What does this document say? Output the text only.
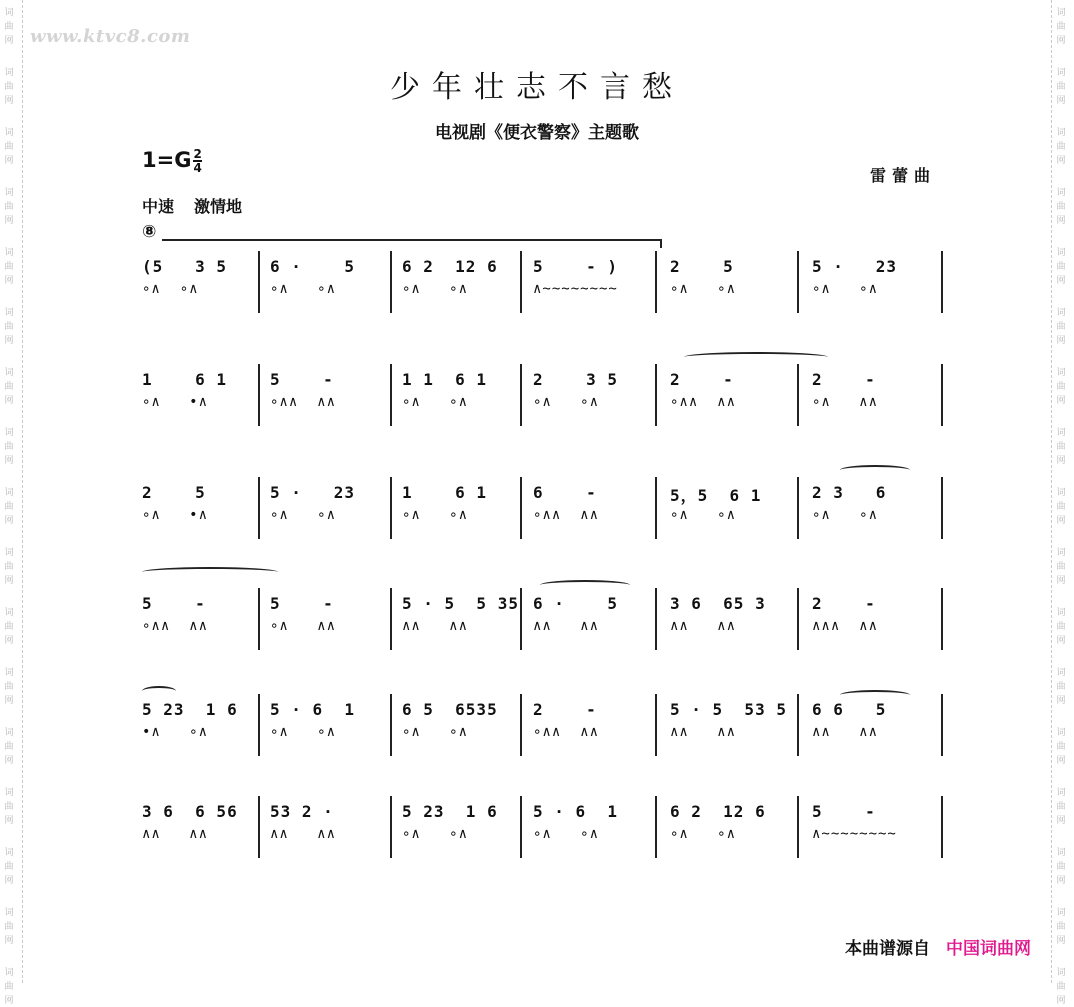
词
曲
网
词
曲
网
词
曲
网
词
曲
网
词
曲
网
词
曲
网
词
曲
网
词
曲
网
词
曲
网
词
曲
网
词
曲
网
词
曲
网
词
曲
网
词
曲
网
词
曲
网
词
曲
网
词
曲
网
词
曲
网
词
曲
网
词
曲
网
词
曲
网
词
曲
网
词
曲
网
词
曲
网
词
曲
网
词
曲
网
词
曲
网
词
曲
网
词
曲
网
词
曲
网
词
曲
网
词
曲
网
词
曲
网
词
曲
网
www.ktvc8.com
少年壮志不言愁
电视剧《便衣警察》主题歌
$1=G \frac{2}{4}$
雷蕾曲
中速 激情地
⑧
(5   3 5
∘∧  ∘∧
6 ·    5
∘∧   ∘∧
6 2  12 6
∘∧   ∘∧
5    - )
∧~~~~~~~~
2    5
∘∧   ∘∧
5 ·   23
∘∧   ∘∧
1    6 1
∘∧   •∧
5    -
∘∧∧  ∧∧
1 1  6 1
∘∧   ∘∧
2    3 5
∘∧   ∘∧
2    -
∘∧∧  ∧∧
2    -
∘∧   ∧∧
2    5
∘∧   •∧
5 ·   23
∘∧   ∘∧
1    6 1
∘∧   ∘∧
6    -
∘∧∧  ∧∧
5，5  6 1
∘∧   ∘∧
2 3   6
∘∧   ∘∧
5    -
∘∧∧  ∧∧
5    -
∘∧   ∧∧
5 · 5  5 35
∧∧   ∧∧
6 ·    5
∧∧   ∧∧
3 6  65 3
∧∧   ∧∧
2    -
∧∧∧  ∧∧
5 23  1 6
•∧   ∘∧
5 · 6  1
∘∧   ∘∧
6 5  6535
∘∧   ∘∧
2    -
∘∧∧  ∧∧
5 · 5  53 5
∧∧   ∧∧
6 6   5
∧∧   ∧∧
3 6  6 56
∧∧   ∧∧
53 2 ·
∧∧   ∧∧
5 23  1 6
∘∧   ∘∧
5 · 6  1
∘∧   ∘∧
6 2  12 6
∘∧   ∘∧
5    -
∧~~~~~~~~
本曲谱源自 中国词曲网
